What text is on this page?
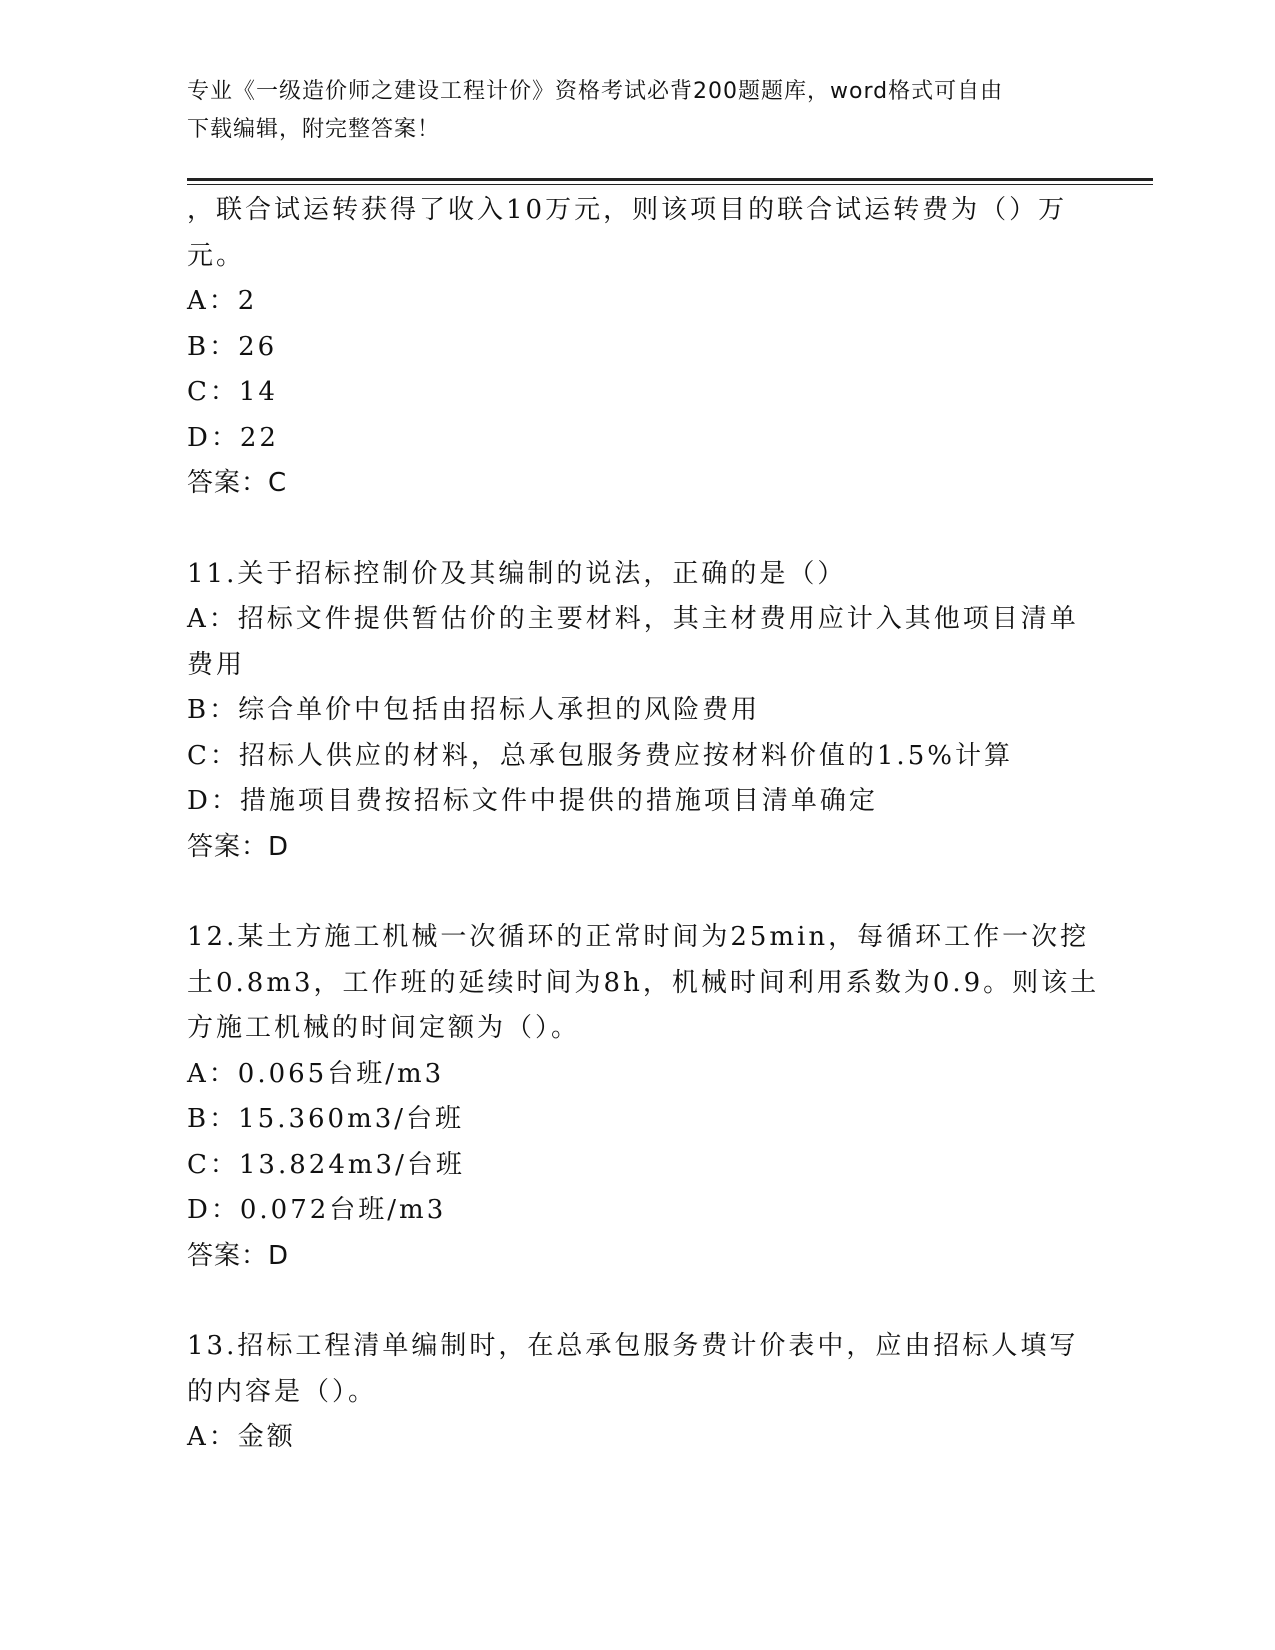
专业《一级造价师之建设工程计价》资格考试必背200题题库，word格式可自由
下载编辑，附完整答案！
，联合试运转获得了收入10万元，则该项目的联合试运转费为（）万
元。
A：2
B：26
C：14
D：22
答案：C
11.关于招标控制价及其编制的说法，正确的是（）
A：招标文件提供暂估价的主要材料，其主材费用应计入其他项目清单
费用
B：综合单价中包括由招标人承担的风险费用
C：招标人供应的材料，总承包服务费应按材料价值的1.5%计算
D：措施项目费按招标文件中提供的措施项目清单确定
答案：D
12.某土方施工机械一次循环的正常时间为25min，每循环工作一次挖
土0.8m3，工作班的延续时间为8h，机械时间利用系数为0.9。则该土
方施工机械的时间定额为（）。
A：0.065台班/m3
B：15.360m3/台班
C：13.824m3/台班
D：0.072台班/m3
答案：D
13.招标工程清单编制时，在总承包服务费计价表中，应由招标人填写
的内容是（）。
A：金额
